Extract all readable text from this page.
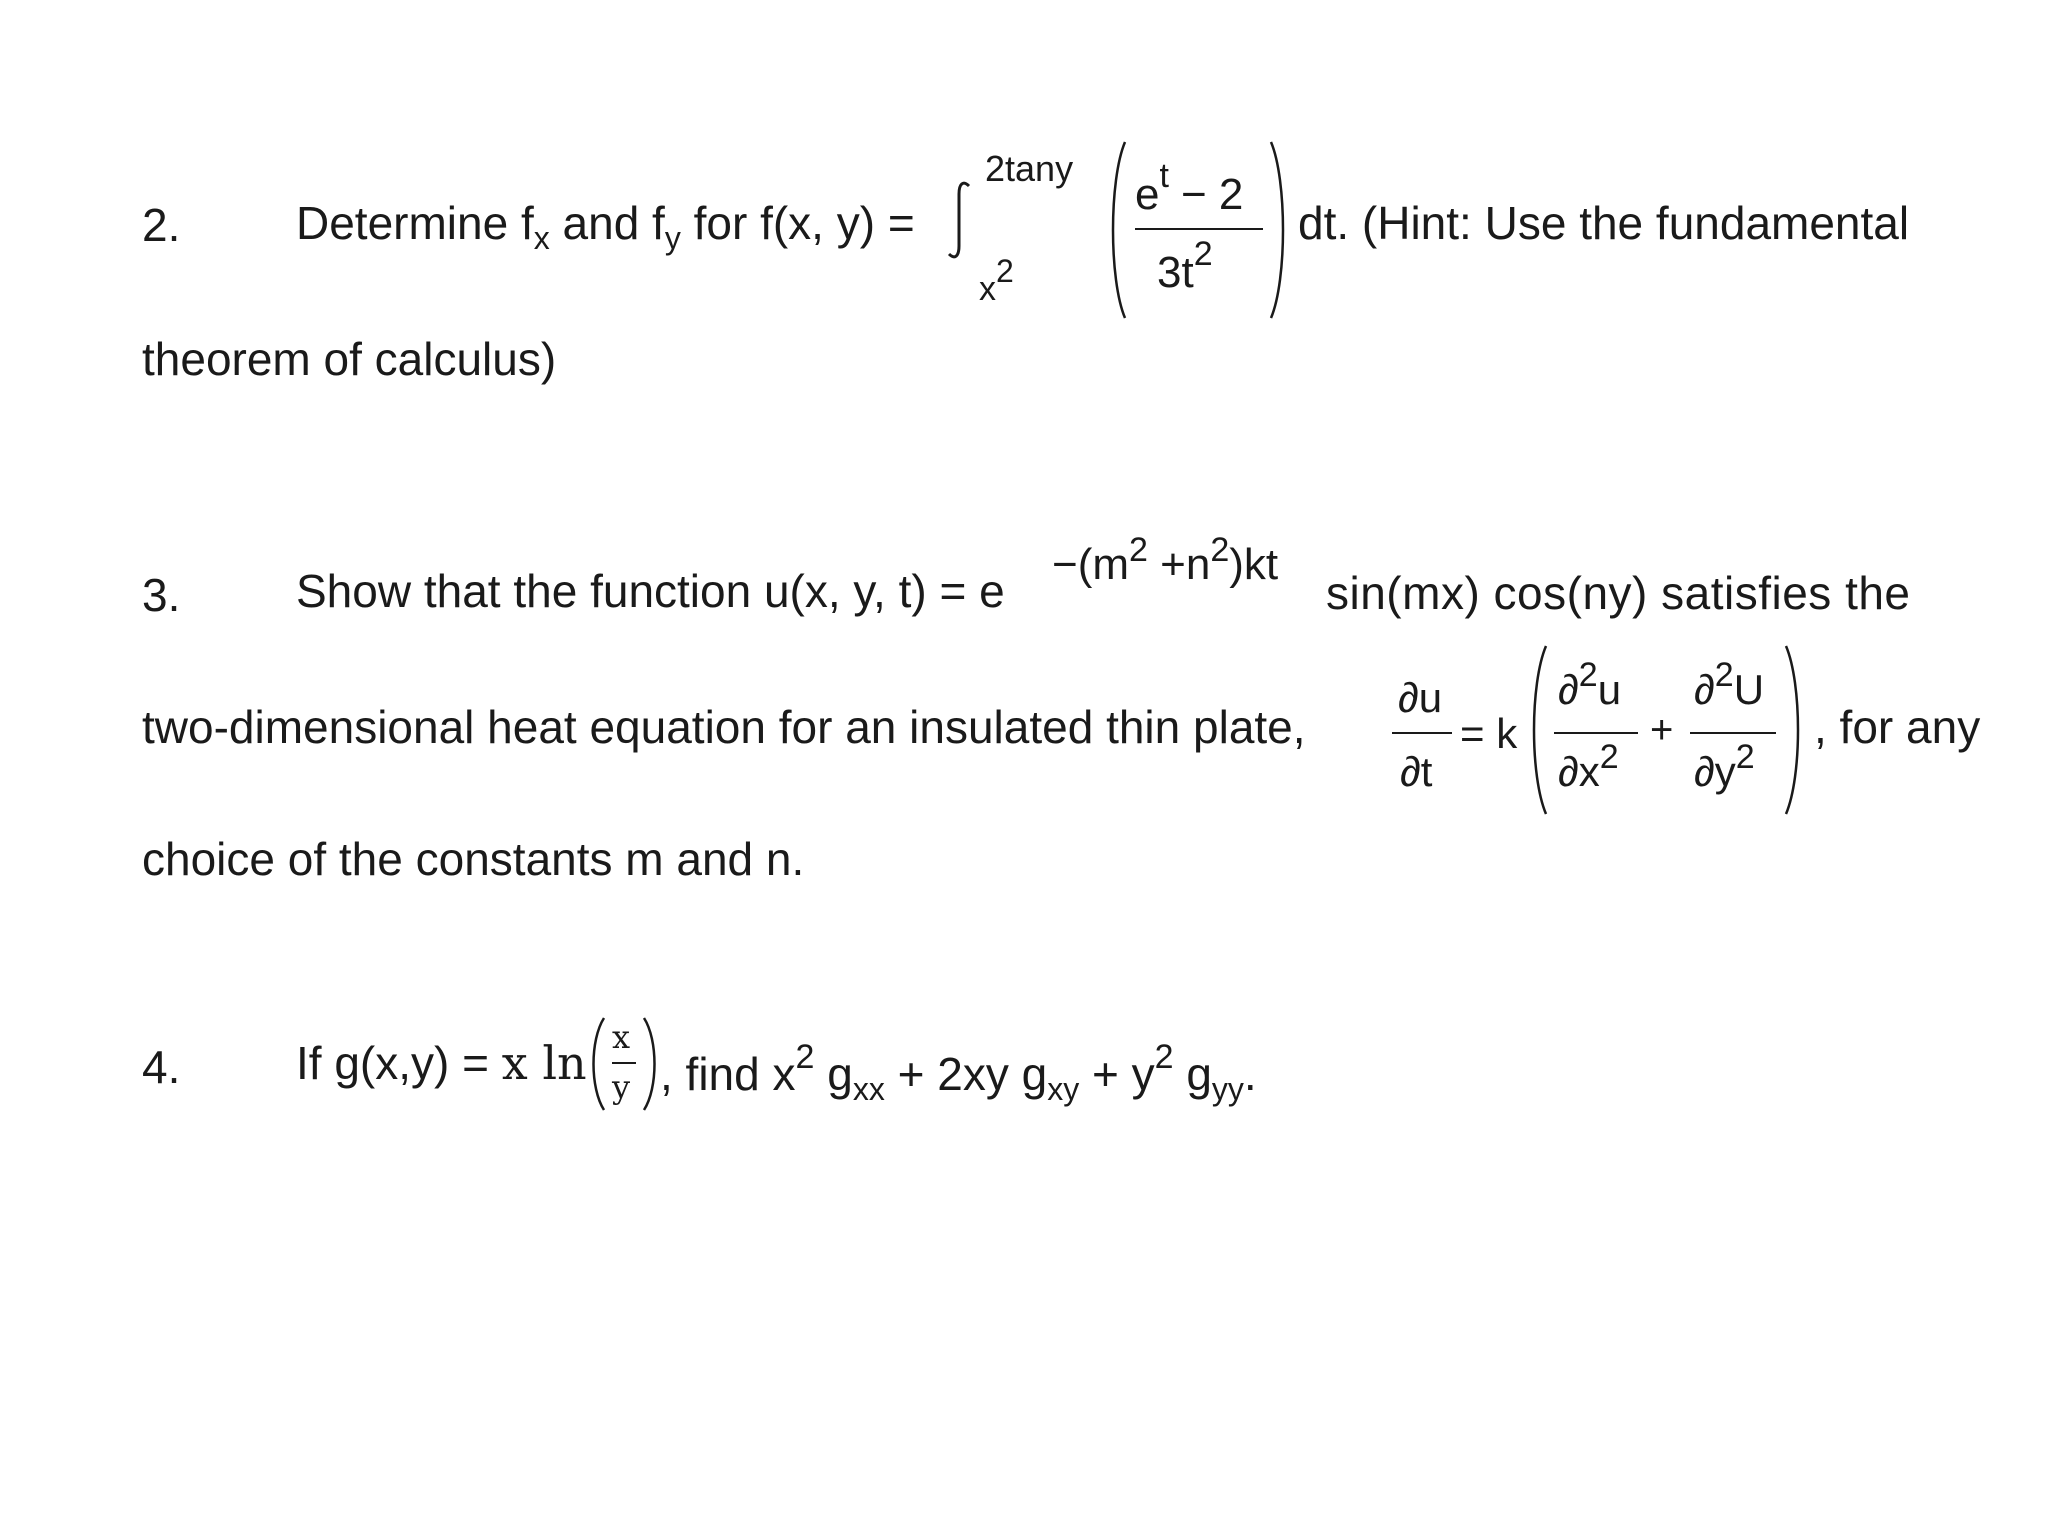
2.	Determine $f_x$ and $f_y$ for f(x, y) =
2tany
x2
$e^t - 2$
$3t^2$
dt. (Hint: Use the fundamental
theorem of calculus)
3.	Show that the function u(x, y, t) = e
$-(m^2 +n^2)kt$
sin(mx) cos(ny) satisfies the
two-dimensional heat equation for an insulated thin plate,
∂u
∂t
= k
∂$^2$u
$\partial x^2$
+
∂$^2$U
$\partial y^2$
, for any
choice of the constants m and n.
4.	If g(x,y) = x ln x
y , find $x^2$ $g_{xx} + 2xy$ $g_{xy} + y^2$ $g_{yy}$.
